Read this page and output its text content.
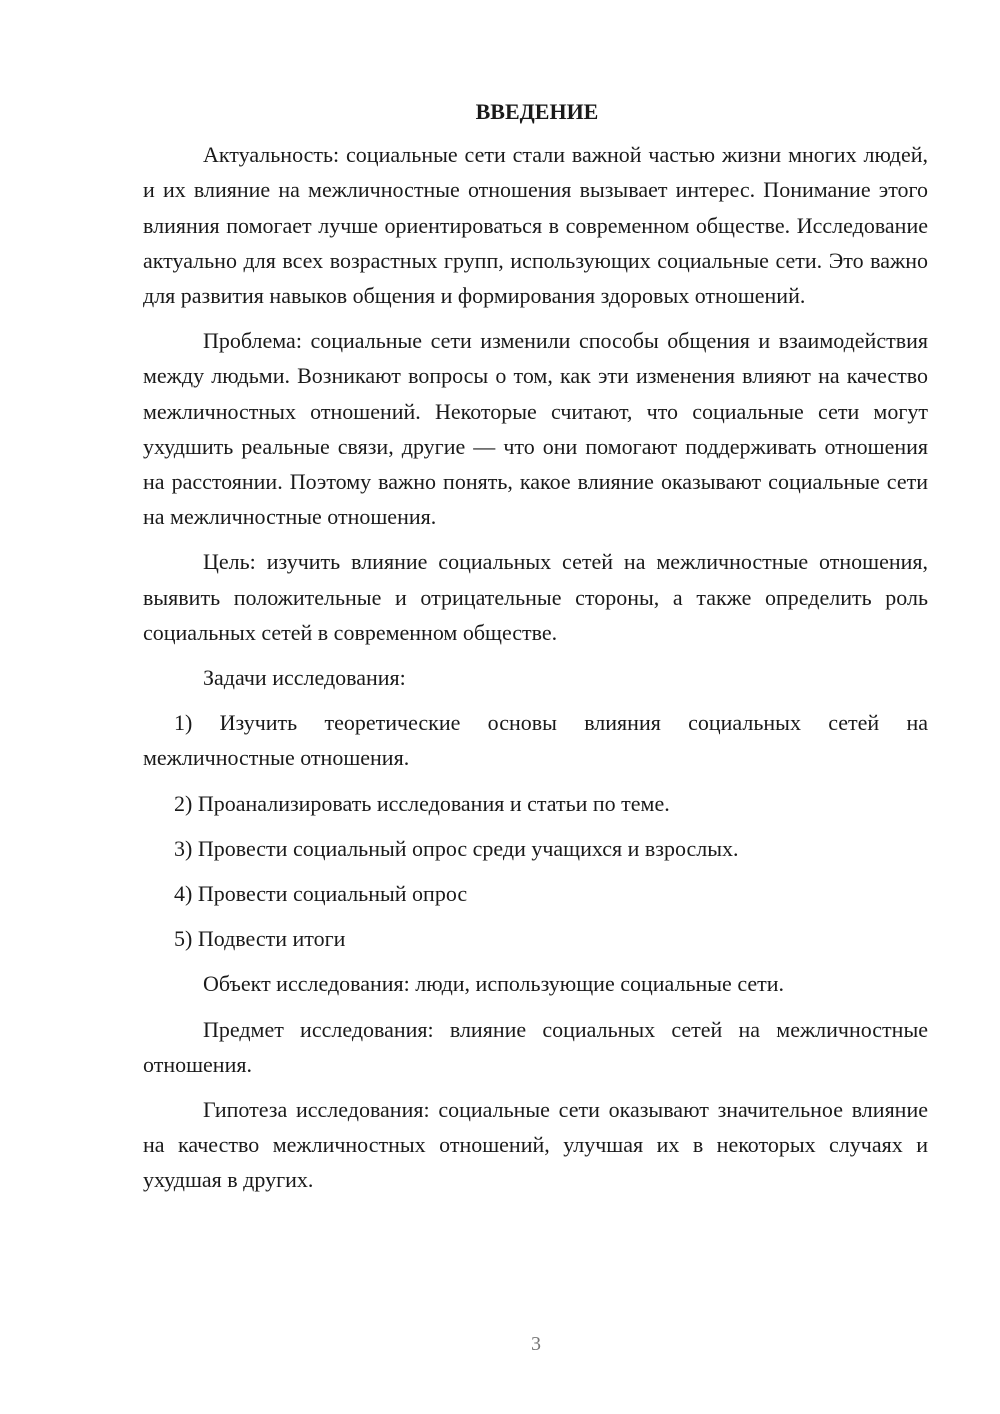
ВВЕДЕНИЕ

Актуальность: социальные сети стали важной частью жизни многих людей, и их влияние на межличностные отношения вызывает интерес. Понимание этого влияния помогает лучше ориентироваться в современном обществе. Исследование актуально для всех возрастных групп, использующих социальные сети. Это важно для развития навыков общения и формирования здоровых отношений.

Проблема: социальные сети изменили способы общения и взаимодействия между людьми. Возникают вопросы о том, как эти изменения влияют на качество межличностных отношений. Некоторые считают, что социальные сети могут ухудшить реальные связи, другие — что они помогают поддерживать отношения на расстоянии. Поэтому важно понять, какое влияние оказывают социальные сети на межличностные отношения.

Цель: изучить влияние социальных сетей на межличностные отношения, выявить положительные и отрицательные стороны, а также определить роль социальных сетей в современном обществе.

Задачи исследования:

1) Изучить теоретические основы влияния социальных сетей на межличностные отношения.

2) Проанализировать исследования и статьи по теме.

3) Провести социальный опрос среди учащихся и взрослых.

4) Провести социальный опрос

5) Подвести итоги

Объект исследования: люди, использующие социальные сети.

Предмет исследования: влияние социальных сетей на межличностные отношения.

Гипотеза исследования: социальные сети оказывают значительное влияние на качество межличностных отношений, улучшая их в некоторых случаях и ухудшая в других.

3
